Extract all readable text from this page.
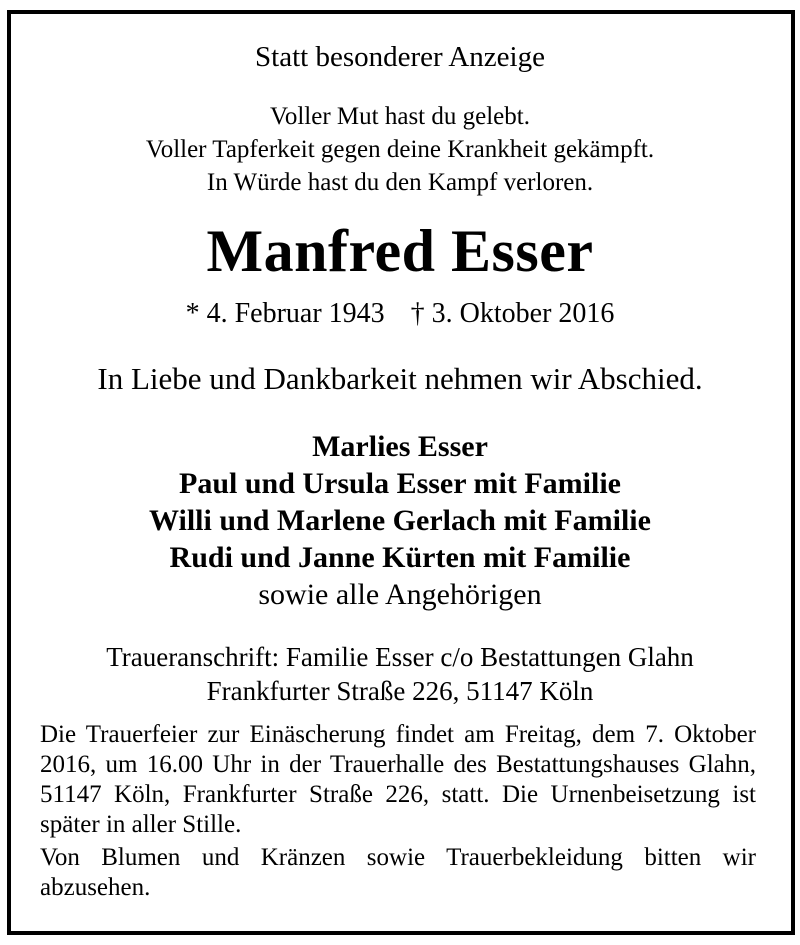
Statt besonderer Anzeige
Voller Mut hast du gelebt.
Voller Tapferkeit gegen deine Krankheit gekämpft.
In Würde hast du den Kampf verloren.
Manfred Esser
* 4. Februar 1943 † 3. Oktober 2016
In Liebe und Dankbarkeit nehmen wir Abschied.
Marlies Esser
Paul und Ursula Esser mit Familie
Willi und Marlene Gerlach mit Familie
Rudi und Janne Kürten mit Familie
sowie alle Angehörigen
Traueranschrift: Familie Esser c/o Bestattungen Glahn
Frankfurter Straße 226, 51147 Köln
Die Trauerfeier zur Einäscherung findet am Freitag, dem 7. Oktober 2016, um 16.00 Uhr in der Trauerhalle des Bestattungshauses Glahn, 51147 Köln, Frankfurter Straße 226, statt. Die Urnenbeisetzung ist später in aller Stille.
Von Blumen und Kränzen sowie Trauerbekleidung bitten wir abzusehen.
